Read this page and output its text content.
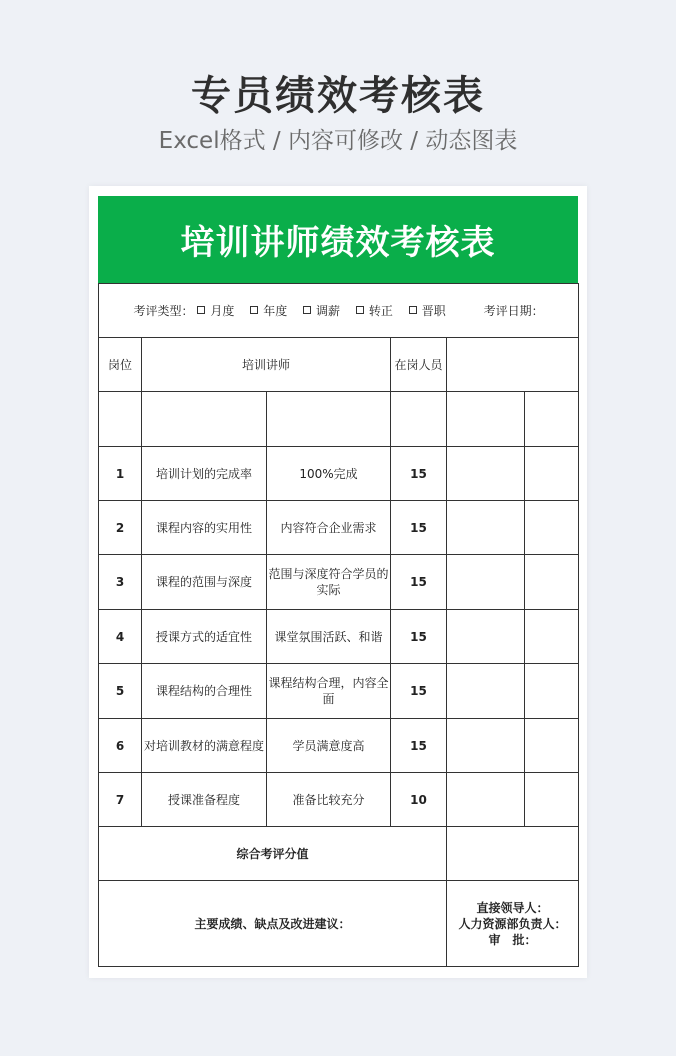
专员绩效考核表
Excel格式 / 内容可修改 / 动态图表
培训讲师绩效考核表
考评类型： 月度 年度 调薪 转正 晋职 考评日期：					
岗位	培训讲师		在岗人员		

1	培训计划的完成率	100%完成	15		
2	课程内容的实用性	内容符合企业需求	15		
3	课程的范围与深度	范围与深度符合学员的实际	15		
4	授课方式的适宜性	课堂氛围活跃、和谐	15		
5	课程结构的合理性	课程结构合理，内容全面	15		
6	对培训教材的满意程度	学员满意度高	15		
7	授课准备程度	准备比较充分	10		
综合考评分值					

主要成绩、缺点及改进建议：				直接领导人：
人力资源部负责人：
审　批：	
